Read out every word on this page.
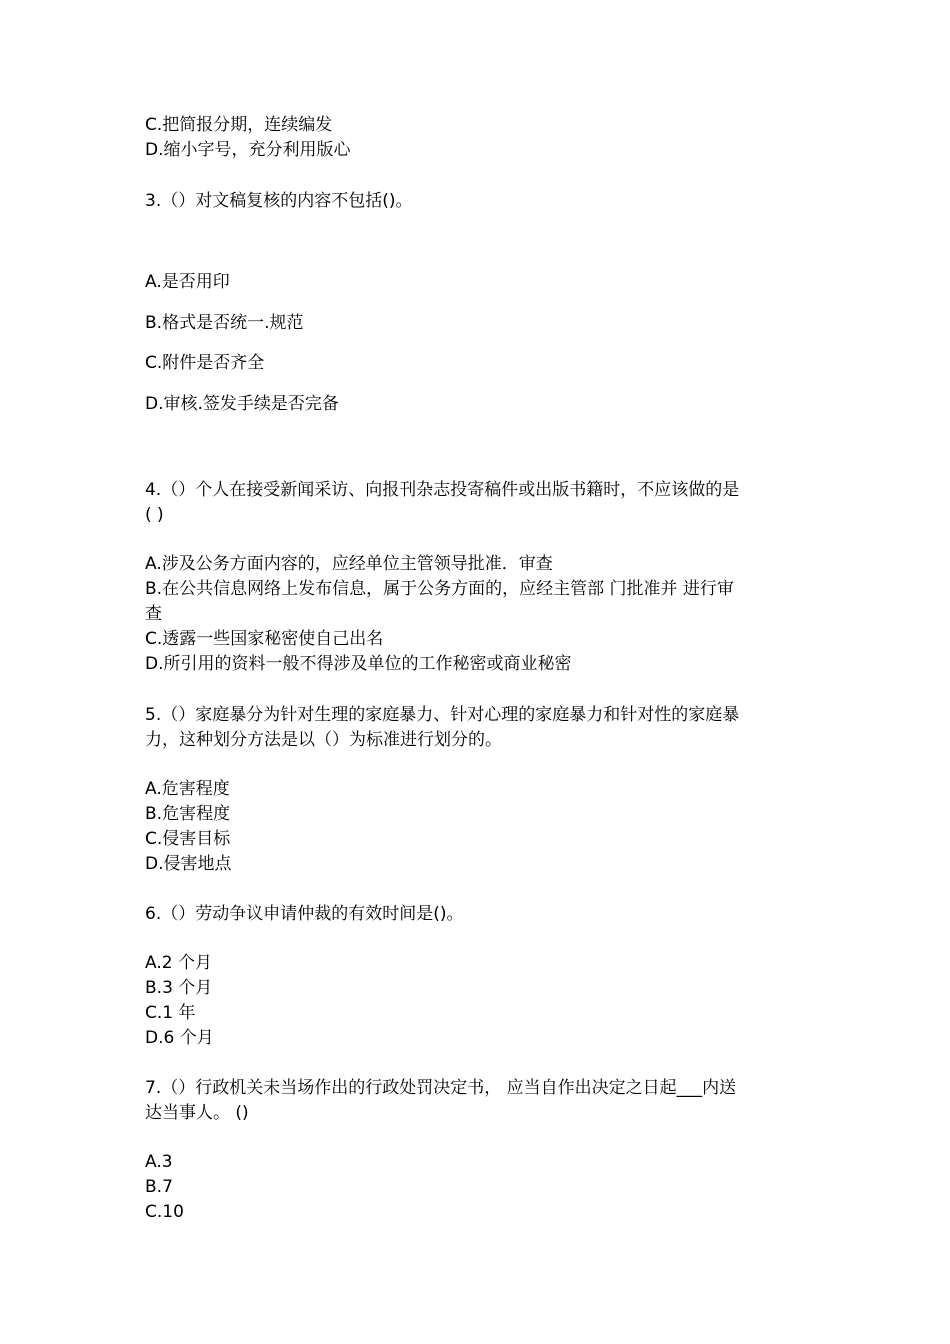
C.把简报分期，连续编发
D.缩小字号，充分利用版心
3.（）对文稿复核的内容不包括()。
A.是否用印
B.格式是否统一.规范
C.附件是否齐全
D.审核.签发手续是否完备
4.（）个人在接受新闻采访、向报刊杂志投寄稿件或出版书籍时，不应该做的是
( )
A.涉及公务方面内容的，应经单位主管领导批准．审查
B.在公共信息网络上发布信息，属于公务方面的，应经主管部 门批准并 进行审
查
C.透露一些国家秘密使自己出名
D.所引用的资料一般不得涉及单位的工作秘密或商业秘密
5.（）家庭暴分为针对生理的家庭暴力、针对心理的家庭暴力和针对性的家庭暴
力，这种划分方法是以（）为标准进行划分的。
A.危害程度
B.危害程度
C.侵害目标
D.侵害地点
6.（）劳动争议申请仲裁的有效时间是()。
A.2 个月
B.3 个月
C.1 年
D.6 个月
7.（）行政机关未当场作出的行政处罚决定书， 应当自作出决定之日起___内送
达当事人。 ()
A.3
B.7
C.10
